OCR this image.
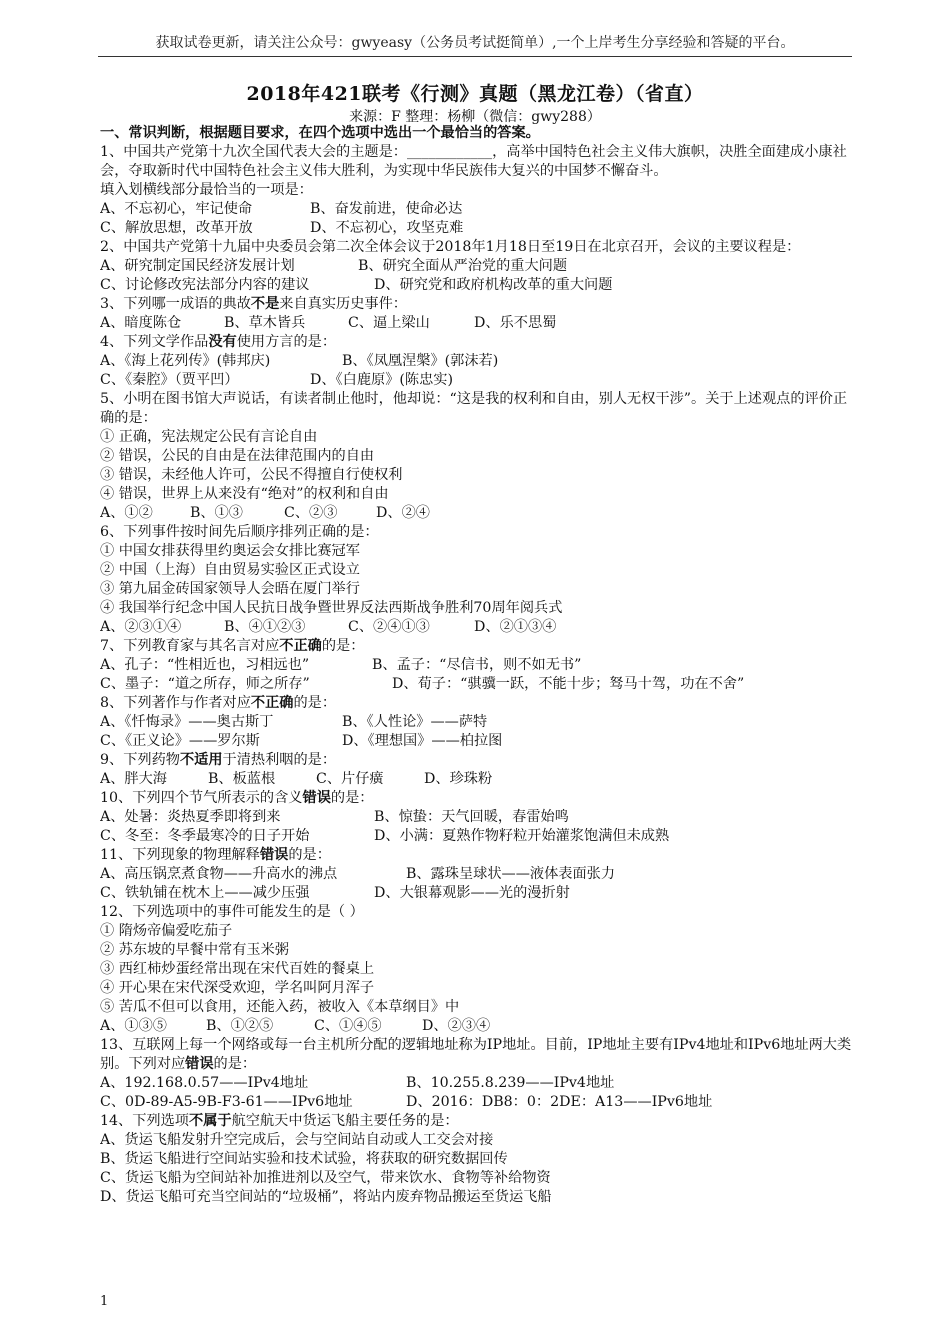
获取试卷更新，请关注公众号：gwyeasy（公务员考试挺简单）,一个上岸考生分享经验和答疑的平台。
2018年421联考《行测》真题（黑龙江卷）（省直）
来源：F 整理：杨柳（微信：gwy288）
一、常识判断，根据题目要求，在四个选项中选出一个最恰当的答案。
1、中国共产党第十九次全国代表大会的主题是：____________，高举中国特色社会主义伟大旗帜，决胜全面建成小康社会，夺取新时代中国特色社会主义伟大胜利，为实现中华民族伟大复兴的中国梦不懈奋斗。
填入划横线部分最恰当的一项是：
A、不忘初心，牢记使命	B、奋发前进，使命必达
C、解放思想，改革开放	D、不忘初心，攻坚克难
2、中国共产党第十九届中央委员会第二次全体会议于2018年1月18日至19日在北京召开，会议的主要议程是：
A、研究制定国民经济发展计划	B、研究全面从严治党的重大问题
C、讨论修改宪法部分内容的建议	D、研究党和政府机构改革的重大问题
3、下列哪一成语的典故不是来自真实历史事件：
A、暗度陈仓	B、草木皆兵	C、逼上梁山	D、乐不思蜀
4、下列文学作品没有使用方言的是：
A、《海上花列传》(韩邦庆)	B、《凤凰涅槃》(郭沫若)
C、《秦腔》（贾平凹）	D、《白鹿原》(陈忠实)
5、小明在图书馆大声说话，有读者制止他时，他却说：“这是我的权利和自由，别人无权干涉”。关于上述观点的评价正确的是：
① 正确，宪法规定公民有言论自由
② 错误，公民的自由是在法律范围内的自由
③ 错误，未经他人许可，公民不得擅自行使权利
④ 错误，世界上从来没有“绝对”的权利和自由
A、①②	B、①③	C、②③	D、②④
6、下列事件按时间先后顺序排列正确的是：
① 中国女排获得里约奥运会女排比赛冠军
② 中国（上海）自由贸易实验区正式设立
③ 第九届金砖国家领导人会晤在厦门举行
④ 我国举行纪念中国人民抗日战争暨世界反法西斯战争胜利70周年阅兵式
A、②③①④	B、④①②③	C、②④①③	D、②①③④
7、下列教育家与其名言对应不正确的是：
A、孔子：“性相近也，习相远也”	B、孟子：“尽信书，则不如无书”
C、墨子：“道之所存，师之所存”	D、荀子：“骐骥一跃，不能十步；驽马十驾，功在不舍”
8、下列著作与作者对应不正确的是：
A、《忏悔录》——奥古斯丁	B、《人性论》——萨特
C、《正义论》——罗尔斯	D、《理想国》——柏拉图
9、下列药物不适用于清热利咽的是：
A、胖大海	B、板蓝根	C、片仔癀	D、珍珠粉
10、下列四个节气所表示的含义错误的是：
A、处暑：炎热夏季即将到来	B、惊蛰：天气回暖，春雷始鸣
C、冬至：冬季最寒冷的日子开始	D、小满：夏熟作物籽粒开始灌浆饱满但未成熟
11、下列现象的物理解释错误的是：
A、高压锅烹煮食物——升高水的沸点	B、露珠呈球状——液体表面张力
C、铁轨铺在枕木上——减少压强	D、大银幕观影——光的漫折射
12、下列选项中的事件可能发生的是（ ）
① 隋炀帝偏爱吃茄子
② 苏东坡的早餐中常有玉米粥
③ 西红柿炒蛋经常出现在宋代百姓的餐桌上
④ 开心果在宋代深受欢迎，学名叫阿月浑子
⑤ 苦瓜不但可以食用，还能入药，被收入《本草纲目》中
A、①③⑤	B、①②⑤	C、①④⑤	D、②③④
13、互联网上每一个网络或每一台主机所分配的逻辑地址称为IP地址。目前，IP地址主要有IPv4地址和IPv6地址两大类别。下列对应错误的是：
A、192.168.0.57——IPv4地址	B、10.255.8.239——IPv4地址
C、0D-89-A5-9B-F3-61——IPv6地址	D、2016：DB8：0：2DE：A13——IPv6地址
14、下列选项不属于航空航天中货运飞船主要任务的是：
A、货运飞船发射升空完成后，会与空间站自动或人工交会对接
B、货运飞船进行空间站实验和技术试验，将获取的研究数据回传
C、货运飞船为空间站补加推进剂以及空气，带来饮水、食物等补给物资
D、货运飞船可充当空间站的“垃圾桶”，将站内废弃物品搬运至货运飞船
1
